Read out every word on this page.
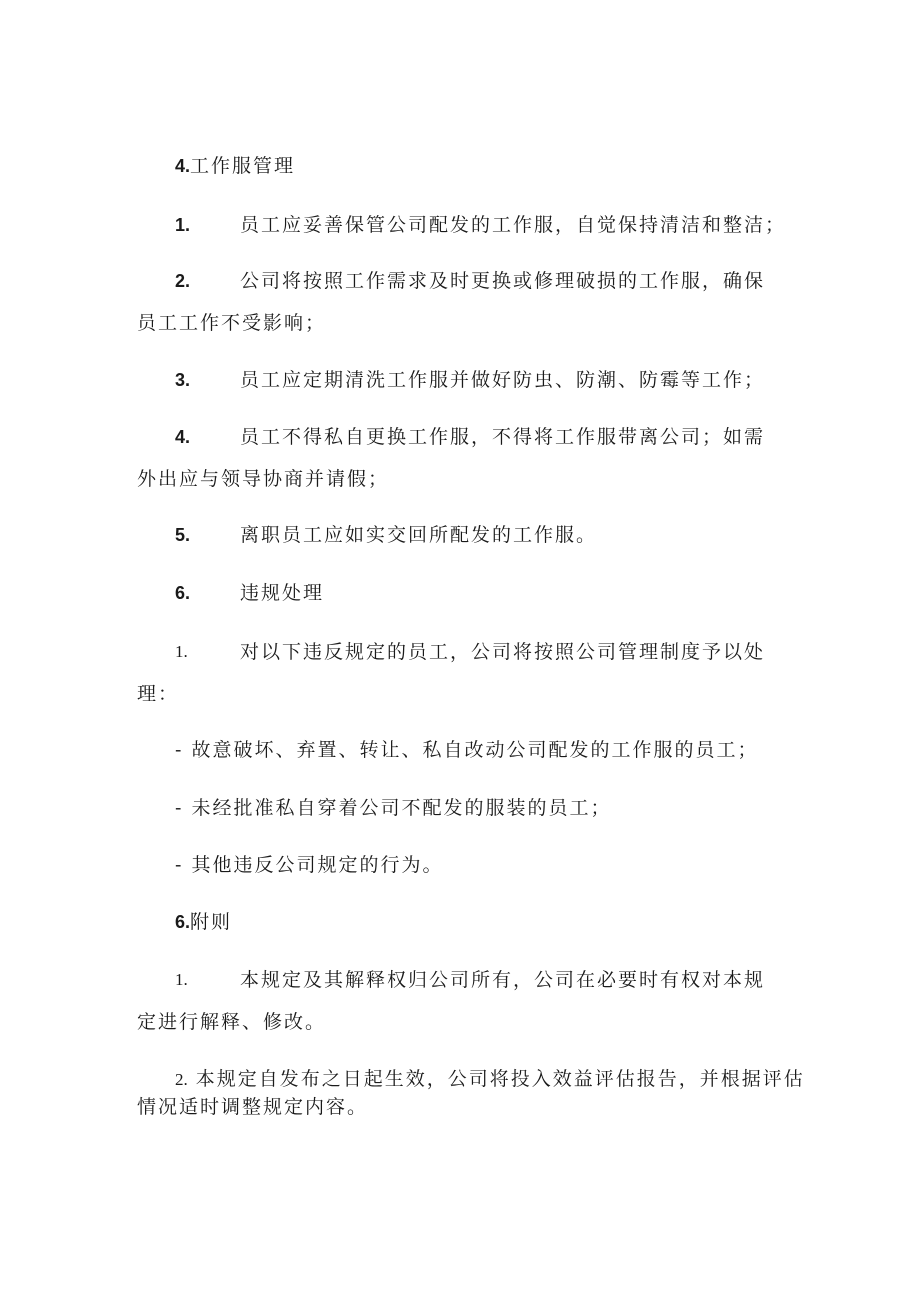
4.工作服管理
1.	员工应妥善保管公司配发的工作服，自觉保持清洁和整洁；
2.	公司将按照工作需求及时更换或修理破损的工作服，确保
员工工作不受影响；
3.	员工应定期清洗工作服并做好防虫、防潮、防霉等工作；
4.	员工不得私自更换工作服，不得将工作服带离公司；如需
外出应与领导协商并请假；
5.	离职员工应如实交回所配发的工作服。
6.	违规处理
1.	对以下违反规定的员工，公司将按照公司管理制度予以处
理：
- 故意破坏、弃置、转让、私自改动公司配发的工作服的员工；
- 未经批准私自穿着公司不配发的服装的员工；
- 其他违反公司规定的行为。
6.附则
1.	本规定及其解释权归公司所有，公司在必要时有权对本规
定进行解释、修改。
2. 本规定自发布之日起生效，公司将投入效益评估报告，并根据评估
情况适时调整规定内容。
